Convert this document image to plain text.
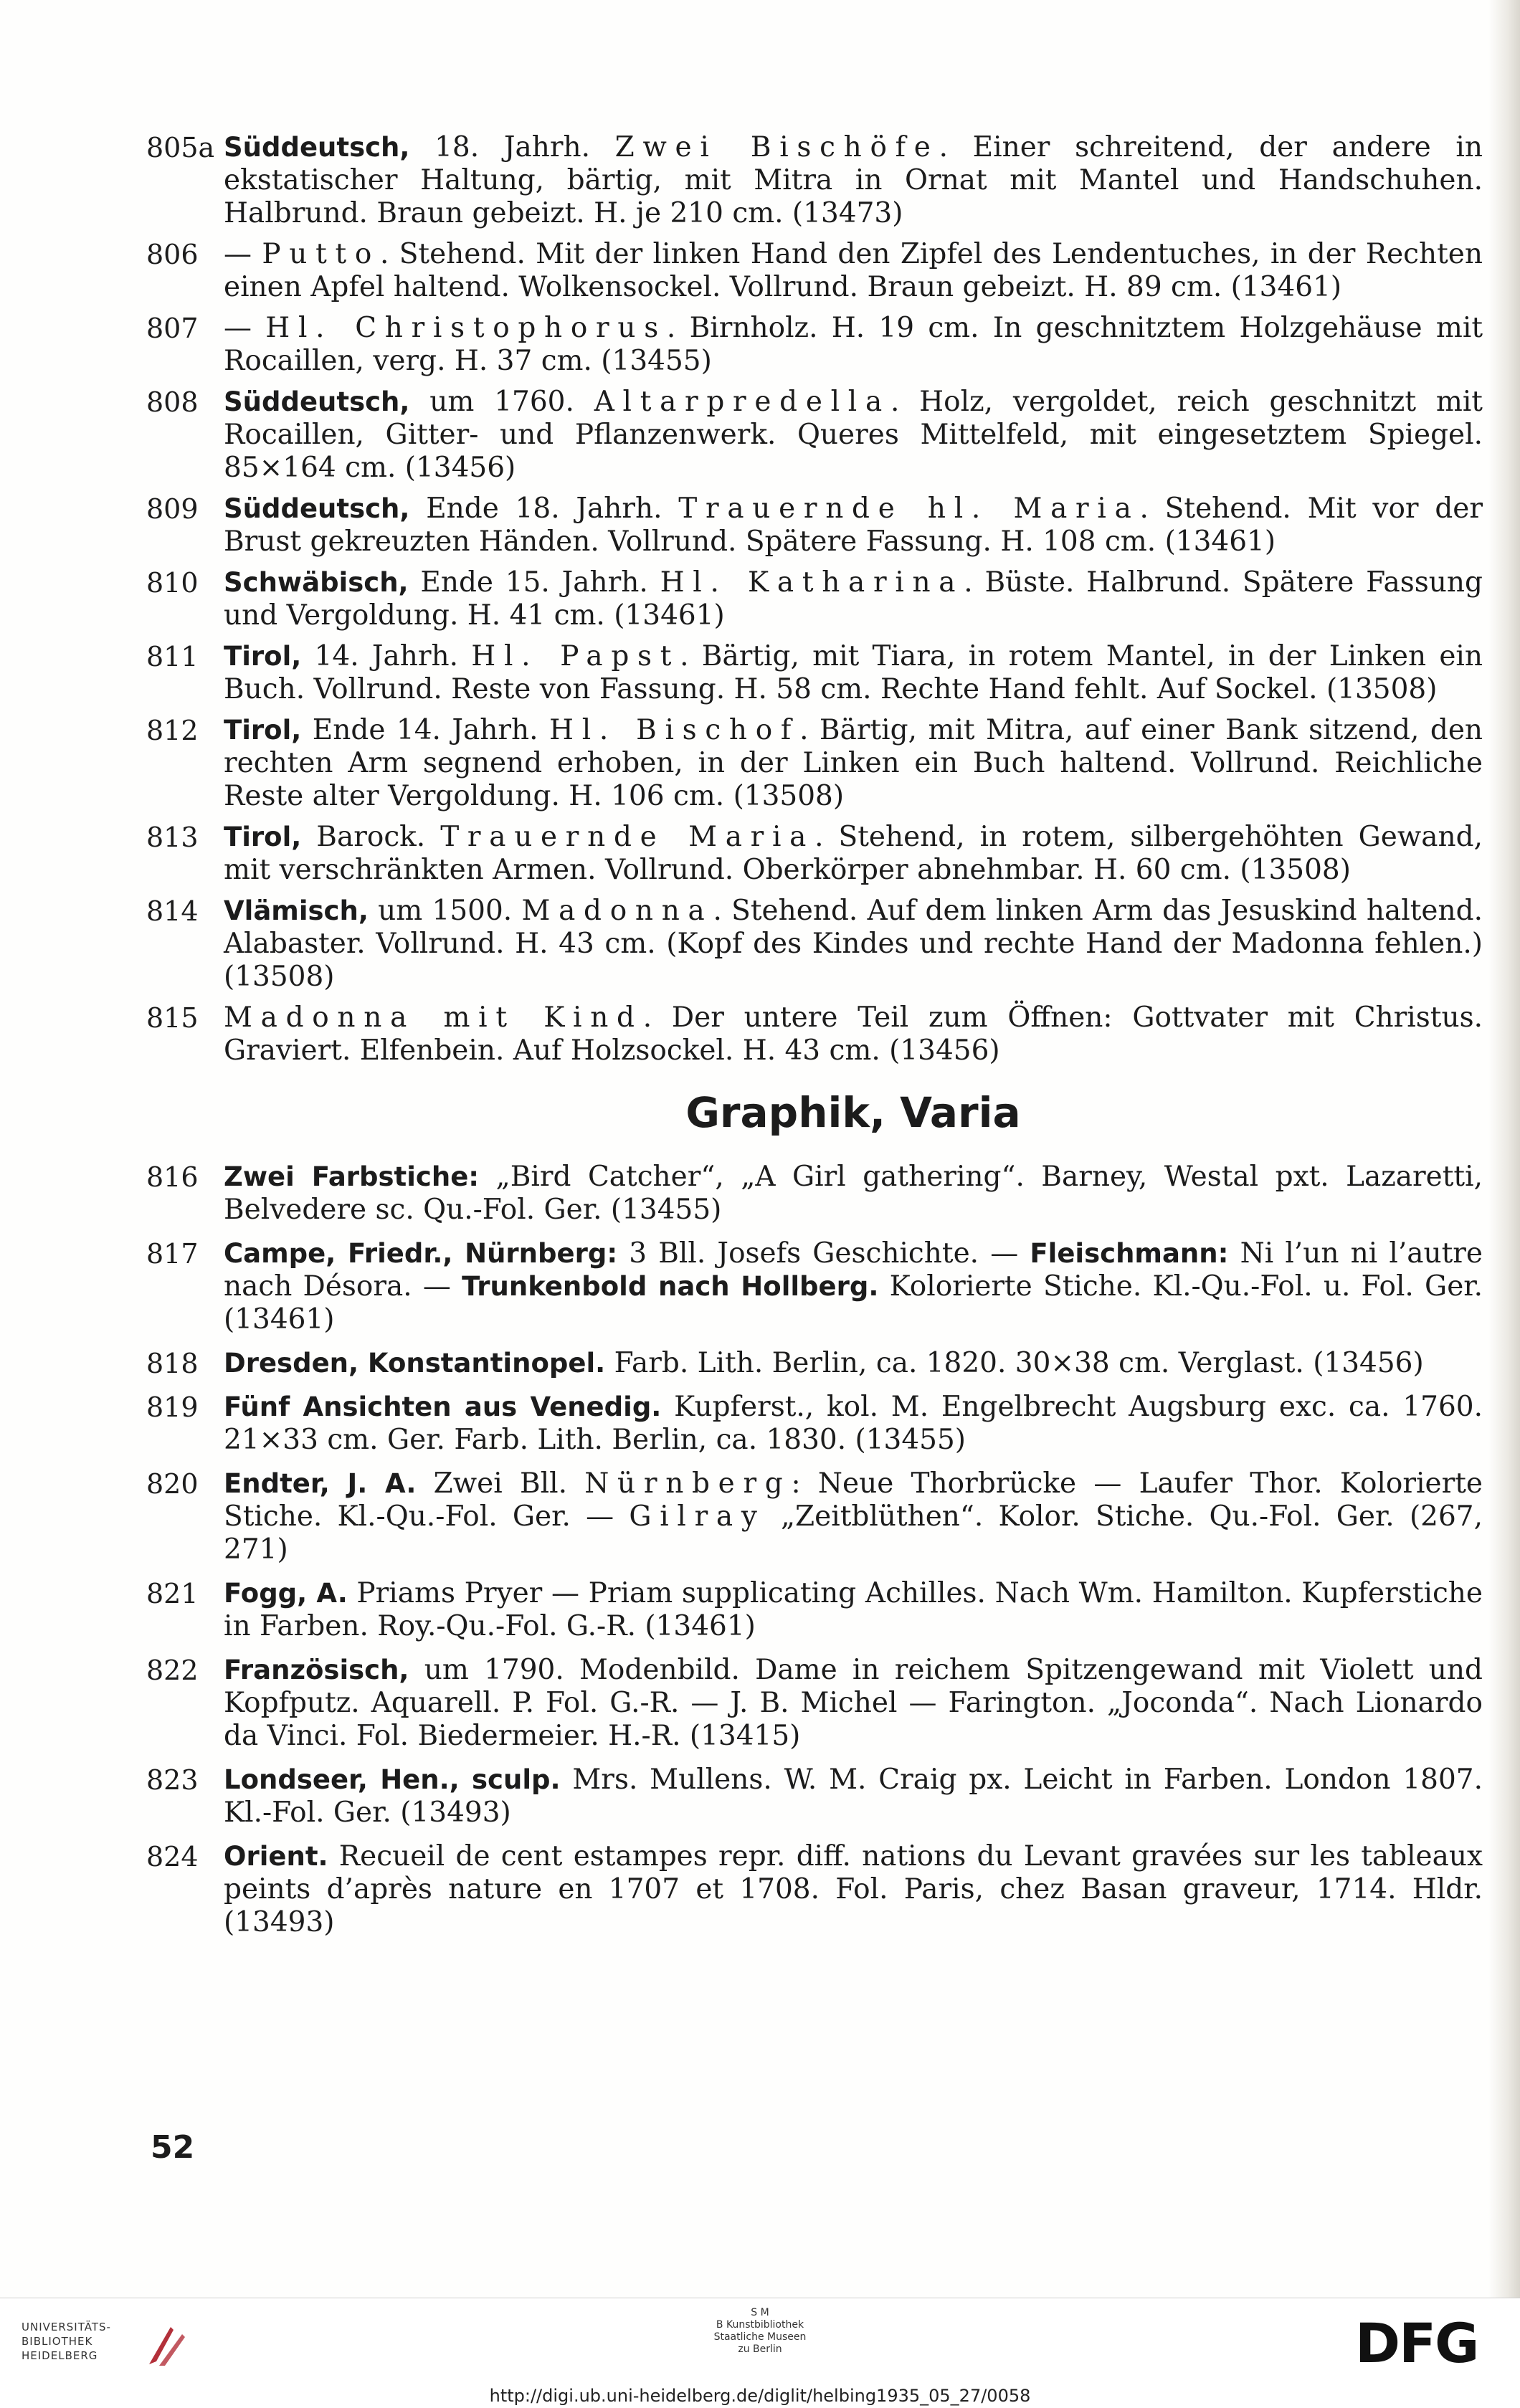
805a Süddeutsch, 18. Jahrh. Zwei Bischöfe. Einer schreitend, der andere in ekstatischer Haltung, bärtig, mit Mitra in Ornat mit Mantel und Handschuhen. Halbrund. Braun gebeizt. H. je 210 cm. (13473)
806 — Putto. Stehend. Mit der linken Hand den Zipfel des Lendentuches, in der Rechten einen Apfel haltend. Wolkensockel. Vollrund. Braun gebeizt. H. 89 cm. (13461)
807 — Hl. Christophorus. Birnholz. H. 19 cm. In geschnitztem Holzgehäuse mit Rocaillen, verg. H. 37 cm. (13455)
808 Süddeutsch, um 1760. Altarpredella. Holz, vergoldet, reich geschnitzt mit Rocaillen, Gitter- und Pflanzenwerk. Queres Mittelfeld, mit eingesetztem Spiegel. 85×164 cm. (13456)
809 Süddeutsch, Ende 18. Jahrh. Trauernde hl. Maria. Stehend. Mit vor der Brust gekreuzten Händen. Vollrund. Spätere Fassung. H. 108 cm. (13461)
810 Schwäbisch, Ende 15. Jahrh. Hl. Katharina. Büste. Halbrund. Spätere Fassung und Vergoldung. H. 41 cm. (13461)
811 Tirol, 14. Jahrh. Hl. Papst. Bärtig, mit Tiara, in rotem Mantel, in der Linken ein Buch. Vollrund. Reste von Fassung. H. 58 cm. Rechte Hand fehlt. Auf Sockel. (13508)
812 Tirol, Ende 14. Jahrh. Hl. Bischof. Bärtig, mit Mitra, auf einer Bank sitzend, den rechten Arm segnend erhoben, in der Linken ein Buch haltend. Vollrund. Reichliche Reste alter Vergoldung. H. 106 cm. (13508)
813 Tirol, Barock. Trauernde Maria. Stehend, in rotem, silbergehöhten Gewand, mit verschränkten Armen. Vollrund. Oberkörper abnehmbar. H. 60 cm. (13508)
814 Vlämisch, um 1500. Madonna. Stehend. Auf dem linken Arm das Jesuskind haltend. Alabaster. Vollrund. H. 43 cm. (Kopf des Kindes und rechte Hand der Madonna fehlen.) (13508)
815 Madonna mit Kind. Der untere Teil zum Öffnen: Gottvater mit Christus. Graviert. Elfenbein. Auf Holzsockel. H. 43 cm. (13456)
Graphik, Varia
816 Zwei Farbstiche: „Bird Catcher“, „A Girl gathering“. Barney, Westal pxt. Lazaretti, Belvedere sc. Qu.-Fol. Ger. (13455)
817 Campe, Friedr., Nürnberg: 3 Bll. Josefs Geschichte. — Fleischmann: Ni l’un ni l’autre nach Désora. — Trunkenbold nach Hollberg. Kolorierte Stiche. Kl.-Qu.-Fol. u. Fol. Ger. (13461)
818 Dresden, Konstantinopel. Farb. Lith. Berlin, ca. 1820. 30×38 cm. Verglast. (13456)
819 Fünf Ansichten aus Venedig. Kupferst., kol. M. Engelbrecht Augsburg exc. ca. 1760. 21×33 cm. Ger. Farb. Lith. Berlin, ca. 1830. (13455)
820 Endter, J. A. Zwei Bll. Nürnberg: Neue Thorbrücke — Laufer Thor. Kolorierte Stiche. Kl.-Qu.-Fol. Ger. — Gilray „Zeitblüthen“. Kolor. Stiche. Qu.-Fol. Ger. (267, 271)
821 Fogg, A. Priams Pryer — Priam supplicating Achilles. Nach Wm. Hamilton. Kupferstiche in Farben. Roy.-Qu.-Fol. G.-R. (13461)
822 Französisch, um 1790. Modenbild. Dame in reichem Spitzengewand mit Violett und Kopfputz. Aquarell. P. Fol. G.-R. — J. B. Michel — Farington. „Joconda“. Nach Lionardo da Vinci. Fol. Biedermeier. H.-R. (13415)
823 Londseer, Hen., sculp. Mrs. Mullens. W. M. Craig px. Leicht in Farben. London 1807. Kl.-Fol. Ger. (13493)
824 Orient. Recueil de cent estampes repr. diff. nations du Levant gravées sur les tableaux peints d’après nature en 1707 et 1708. Fol. Paris, chez Basan graveur, 1714. Hldr. (13493)
52
UNIVERSITÄTS-
BIBLIOTHEK
HEIDELBERG
S M
B Kunstbibliothek
Staatliche Museen
zu Berlin	DFG
http://digi.ub.uni-heidelberg.de/diglit/helbing1935_05_27/0058
